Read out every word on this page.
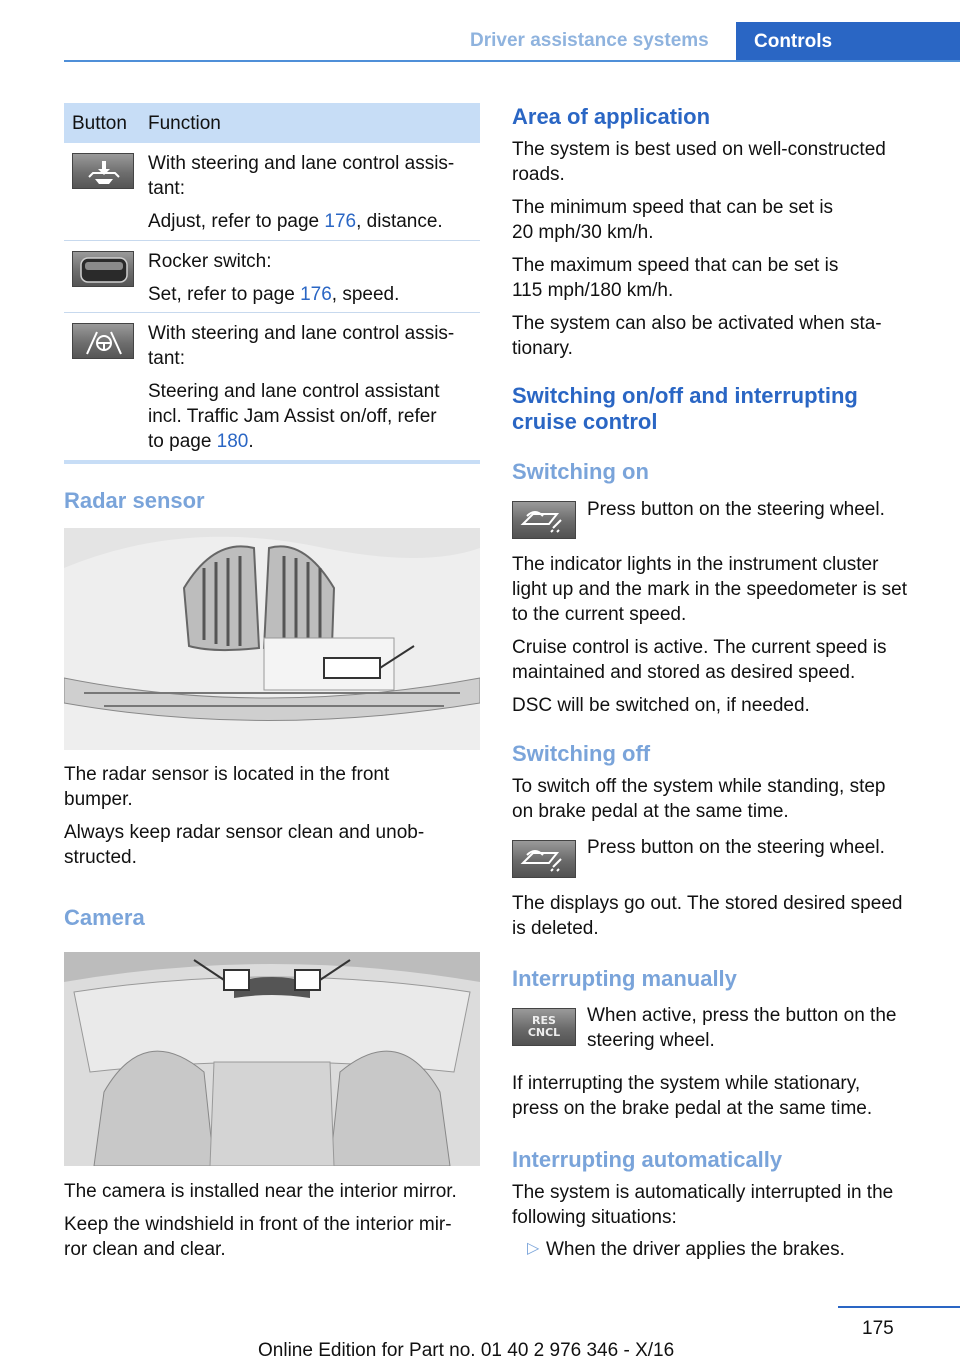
Driver assistance systems Controls
Button Function

With steering and lane control assis-

tant:

Adjust, refer to page 176, distance.

Rocker switch:

Set, refer to page 176, speed.

With steering and lane control assis-

tant:

Steering and lane control assistant

incl. Traffic Jam Assist on/off, refer

to page 180.

Radar sensor

The radar sensor is located in the front

bumper.

Always keep radar sensor clean and unob-

structed.

Camera

The camera is installed near the interior mirror.

Keep the windshield in front of the interior mir-

ror clean and clear.

Area of application

The system is best used on well-constructed

roads.

The minimum speed that can be set is

20 mph/30 km/h.

The maximum speed that can be set is

115 mph/180 km/h.

The system can also be activated when sta-

tionary.

Switching on/off and interrupting
cruise control
Switching on

Press button on the steering wheel.

The indicator lights in the instrument cluster

light up and the mark in the speedometer is set

to the current speed.

Cruise control is active. The current speed is

maintained and stored as desired speed.

DSC will be switched on, if needed.

Switching off

To switch off the system while standing, step

on brake pedal at the same time.

Press button on the steering wheel.

The displays go out. The stored desired speed

is deleted.

Interrupting manually
RES
CNCL

When active, press the button on the

steering wheel.

If interrupting the system while stationary,

press on the brake pedal at the same time.

Interrupting automatically

The system is automatically interrupted in the

following situations:

▷ When the driver applies the brakes.

175
Online Edition for Part no. 01 40 2 976 346 - X/16
